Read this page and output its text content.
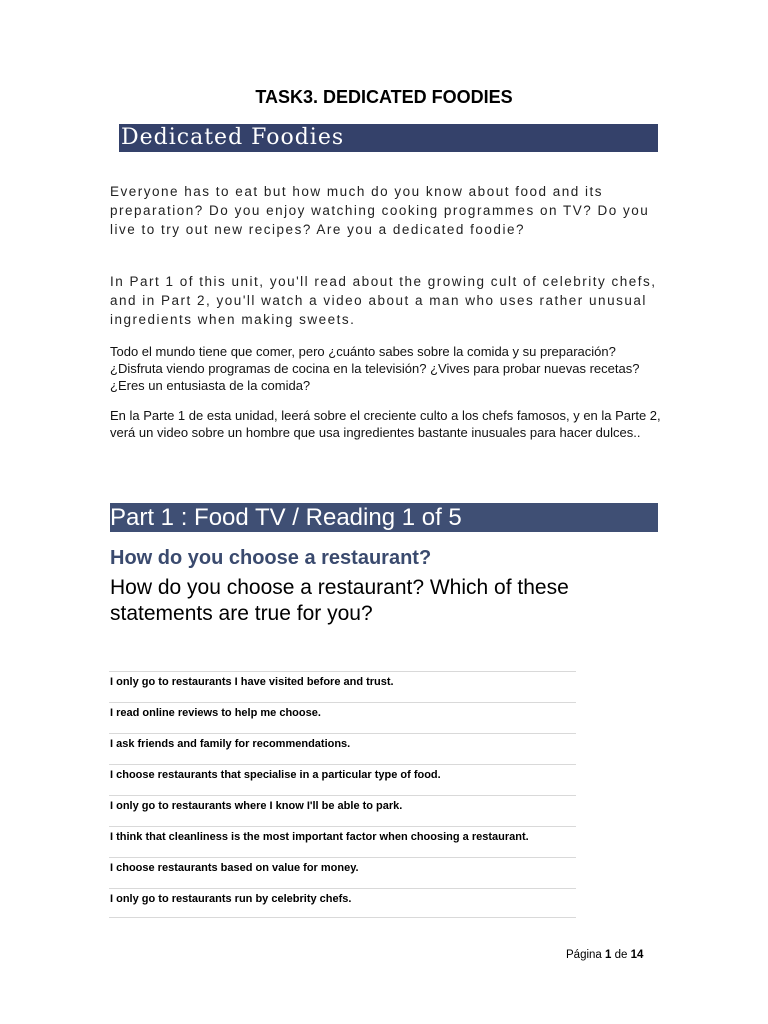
TASK3. DEDICATED FOODIES
Dedicated Foodies

Everyone has to eat but how much do you know about food and its preparation? Do you enjoy watching cooking programmes on TV? Do you live to try out new recipes? Are you a dedicated foodie?

In Part 1 of this unit, you'll read about the growing cult of celebrity chefs, and in Part 2, you'll watch a video about a man who uses rather unusual ingredients when making sweets.

Todo el mundo tiene que comer, pero ¿cuánto sabes sobre la comida y su preparación? ¿Disfruta viendo programas de cocina en la televisión? ¿Vives para probar nuevas recetas? ¿Eres un entusiasta de la comida?

En la Parte 1 de esta unidad, leerá sobre el creciente culto a los chefs famosos, y en la Parte 2, verá un video sobre un hombre que usa ingredientes bastante inusuales para hacer dulces..

Part 1 : Food TV / Reading 1 of 5
How do you choose a restaurant?

How do you choose a restaurant? Which of these statements are true for you?

I only go to restaurants I have visited before and trust.
I read online reviews to help me choose.
I ask friends and family for recommendations.
I choose restaurants that specialise in a particular type of food.
I only go to restaurants where I know I'll be able to park.
I think that cleanliness is the most important factor when choosing a restaurant.
I choose restaurants based on value for money.
I only go to restaurants run by celebrity chefs.
Página 1 de 14
